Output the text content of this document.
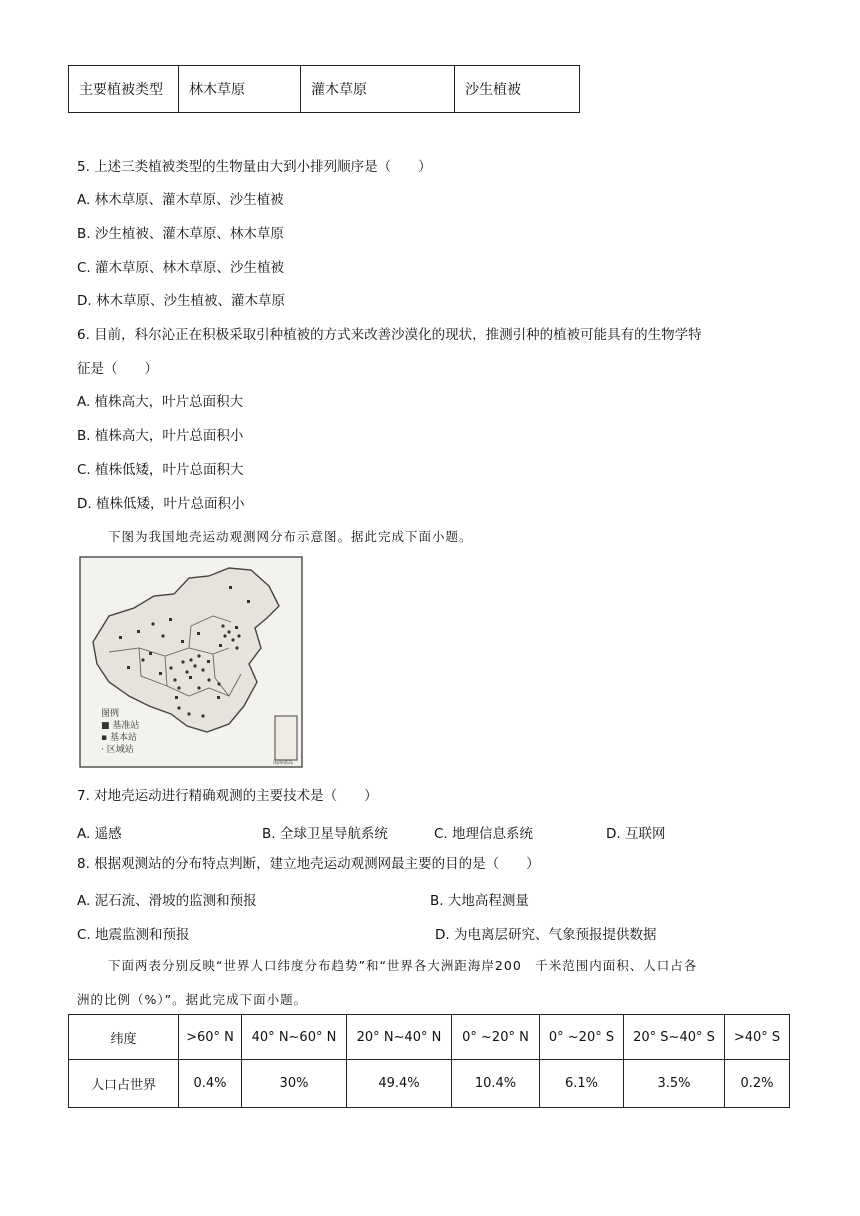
主要植被类型	林木草原	灌木草原	沙生植被
5. 上述三类植被类型的生物量由大到小排列顺序是（　　）
A. 林木草原、灌木草原、沙生植被
B. 沙生植被、灌木草原、林木草原
C. 灌木草原、林木草原、沙生植被
D. 林木草原、沙生植被、灌木草原
6. 目前，科尔沁正在积极采取引种植被的方式来改善沙漠化的现状，推测引种的植被可能具有的生物学特
征是（　　）
A. 植株高大，叶片总面积大
B. 植株高大，叶片总面积小
C. 植株低矮，叶片总面积大
D. 植株低矮，叶片总面积小
下图为我国地壳运动观测网分布示意图。据此完成下面小题。
图例
■ 基准站
▪ 基本站
· 区域站
南海诸岛
7. 对地壳运动进行精确观测的主要技术是（　　）
A. 遥感	B. 全球卫星导航系统	C. 地理信息系统	D. 互联网
8. 根据观测站的分布特点判断，建立地壳运动观测网最主要的目的是（　　）
A. 泥石流、滑坡的监测和预报	B. 大地高程测量
C. 地震监测和预报	D. 为电离层研究、气象预报提供数据
下面两表分别反映“世界人口纬度分布趋势”和“世界各大洲距海岸200　千米范围内面积、人口占各
洲的比例（%）”。据此完成下面小题。
纬度	>60° N	40° N~60° N	20° N~40° N	0° ~20° N	0° ~20° S	20° S~40° S	>40° S
人口占世界	0.4%	30%	49.4%	10.4%	6.1%	3.5%	0.2%
